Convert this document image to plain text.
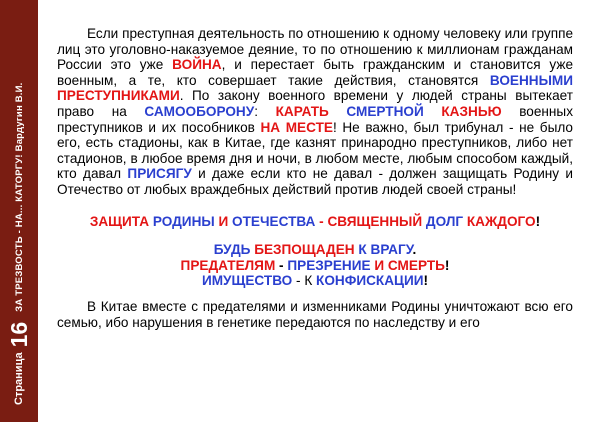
Страница
16
ЗА ТРЕЗВОСТЬ - НА... КАТОРГУ! Вардугин В.И.

Если преступная деятельность по отношению к одному человеку или группе лиц это уголовно-наказуемое деяние, то по отношению к миллионам гражданам России это уже ВОЙНА, и перестает быть гражданским и становится уже военным, а те, кто совершает такие действия, становятся ВОЕННЫМИ ПРЕСТУПНИКАМИ. По закону военного времени у людей страны вытекает право на САМООБОРОНУ: КАРАТЬ СМЕРТНОЙ КАЗНЬЮ военных преступников и их пособников НА МЕСТЕ! Не важно, был трибунал - не было его, есть стадионы, как в Китае, где казнят принародно преступников, либо нет стадионов, в любое время дня и ночи, в любом месте, любым способом каждый, кто давал ПРИСЯГУ и даже если кто не давал - должен защищать Родину и Отечество от любых враждебных действий против людей своей страны!

ЗАЩИТА РОДИНЫ И ОТЕЧЕСТВА - СВЯЩЕННЫЙ ДОЛГ КАЖДОГО!

БУДЬ БЕЗПОЩАДЕН К ВРАГУ.

ПРЕДАТЕЛЯМ - ПРЕЗРЕНИЕ И СМЕРТЬ!

ИМУЩЕСТВО - К КОНФИСКАЦИИ!

В Китае вместе с предателями и изменниками Родины уничтожают всю его семью, ибо нарушения в генетике передаются по наследству и его
